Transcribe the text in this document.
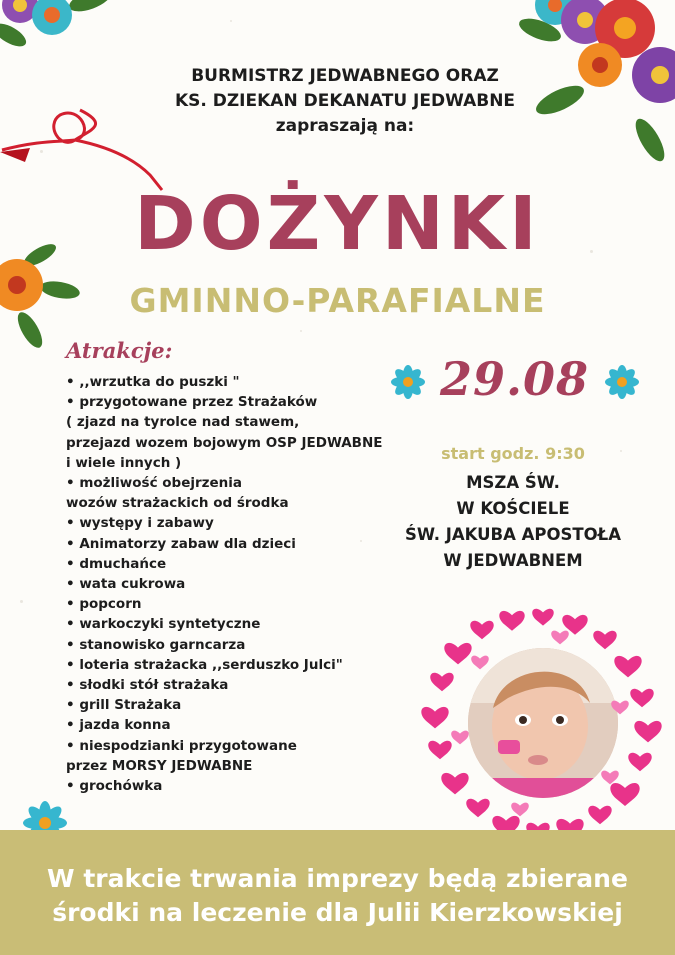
BURMISTRZ JEDWABNEGO ORAZ
KS. DZIEKAN DEKANATU JEDWABNE
zapraszają na:
DOŻYNKI
GMINNO-PARAFIALNE
Atrakcje:
• ,,wrzutka do puszki "
• przygotowane przez Strażaków
( zjazd na tyrolce nad stawem,
przejazd wozem bojowym OSP JEDWABNE
i wiele innych )
• możliwość obejrzenia
wozów strażackich od środka
• występy i zabawy
• Animatorzy zabaw dla dzieci
• dmuchańce
• wata cukrowa
• popcorn
• warkoczyki syntetyczne
• stanowisko garncarza
• loteria strażacka ,,serduszko Julci"
• słodki stół strażaka
• grill Strażaka
• jazda konna
• niespodzianki przygotowane
przez MORSY JEDWABNE
• grochówka
29.08
start godz. 9:30
MSZA ŚW.
W KOŚCIELE
ŚW. JAKUBA APOSTOŁA
W JEDWABNEM
W trakcie trwania imprezy będą zbierane
środki na leczenie dla Julii Kierzkowskiej
